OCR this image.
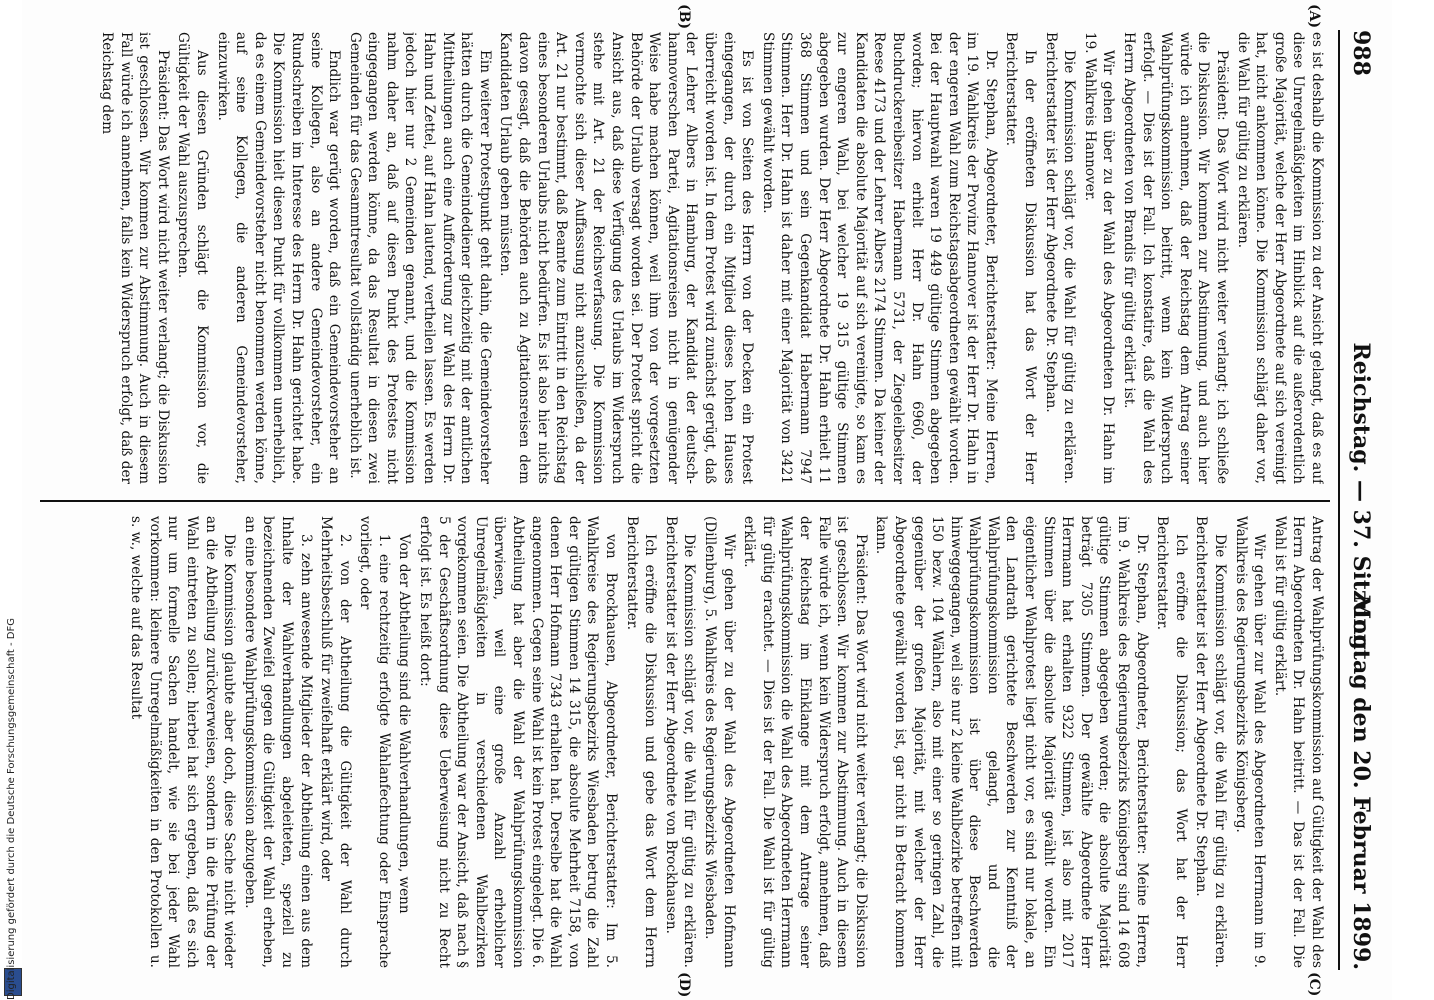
988
Reichstag. — 37. Sitzung.
Montag den 20. Februar 1899.
(A)
(B)
(C)
(D)

es ist deshalb die Kommission zu der Ansicht gelangt, daß es auf diese Unregelmäßigkeiten im Hinblick auf die außerordentlich große Majorität, welche der Herr Abgeordnete auf sich vereinigt hat, nicht ankommen könne. Die Kommission schlägt daher vor, die Wahl für gültig zu erklären.

Präsident: Das Wort wird nicht weiter verlangt; ich schließe die Diskussion. Wir kommen zur Abstimmung, und auch hier würde ich annehmen, daß der Reichstag dem Antrag seiner Wahlprüfungskommission beitritt, wenn kein Widerspruch erfolgt. — Dies ist der Fall. Ich konstatire, daß die Wahl des Herrn Abgeordneten von Brandis für gültig erklärt ist.

Wir gehen über zu der Wahl des Abgeordneten Dr. Hahn im 19. Wahlkreis Hannover.

Die Kommission schlägt vor, die Wahl für gültig zu erklären. Berichterstatter ist der Herr Abgeordnete Dr. Stephan.

In der eröffneten Diskussion hat das Wort der Herr Berichterstatter.

Dr. Stephan, Abgeordneter, Berichterstatter: Meine Herren, im 19. Wahlkreis der Provinz Hannover ist der Herr Dr. Hahn in der engeren Wahl zum Reichstagsabgeordneten gewählt worden. Bei der Hauptwahl waren 19 449 gültige Stimmen abgegeben worden; hiervon erhielt Herr Dr. Hahn 6960, der Buchdruckereibesitzer Habermann 5731, der Ziegeleibesitzer Reese 4173 und der Lehrer Albers 2174 Stimmen. Da keiner der Kandidaten die absolute Majorität auf sich vereinigte, so kam es zur engeren Wahl, bei welcher 19 315 gültige Stimmen abgegeben wurden. Der Herr Abgeordnete Dr. Hahn erhielt 11 368 Stimmen und sein Gegenkandidat Habermann 7947 Stimmen. Herr Dr. Hahn ist daher mit einer Majorität von 3421 Stimmen gewählt worden.

Es ist von Seiten des Herrn von der Decken ein Protest eingegangen, der durch ein Mitglied dieses hohen Hauses überreicht worden ist. In dem Protest wird zunächst gerügt, daß der Lehrer Albers in Hamburg, der Kandidat der deutsch-hannoverschen Partei, Agitationsreisen nicht in genügender Weise habe machen können, weil ihm von der vorgesetzten Behörde der Urlaub versagt worden sei. Der Protest spricht die Ansicht aus, daß diese Verfügung des Urlaubs im Widerspruch stehe mit Art. 21 der Reichsverfassung. Die Kommission vermochte sich dieser Auffassung nicht anzuschließen, da der Art. 21 nur bestimmt, daß Beamte zum Eintritt in den Reichstag eines besonderen Urlaubs nicht bedürfen. Es ist also hier nichts davon gesagt, daß die Behörden auch zu Agitationsreisen dem Kandidaten Urlaub geben müssten.

Ein weiterer Protestpunkt geht dahin, die Gemeindevorsteher hätten durch die Gemeindediener gleichzeitig mit der amtlichen Mittheilungen auch eine Aufforderung zur Wahl des Herrn Dr. Hahn und Zettel, auf Hahn lautend, vertheilen lassen. Es werden jedoch hier nur 2 Gemeinden genannt, und die Kommission nahm daher an, daß auf diesen Punkt des Protestes nicht eingegangen werden könne, da das Resultat in diesen zwei Gemeinden für das Gesammtresultat vollständig unerheblich ist.

Endlich war gerügt worden, daß ein Gemeindevorsteher an seine Kollegen, also an andere Gemeindevorsteher, ein Rundschreiben im Interesse des Herrn Dr. Hahn gerichtet habe. Die Kommission hielt diesen Punkt für vollkommen unerheblich, da es einem Gemeindevorsteher nicht benommen werden könne, auf seine Kollegen, die anderen Gemeindevorsteher, einzuwirken.

Aus diesen Gründen schlägt die Kommission vor, die Gültigkeit der Wahl auszusprechen.

Präsident: Das Wort wird nicht weiter verlangt; die Diskussion ist geschlossen. Wir kommen zur Abstimmung. Auch in diesem Fall würde ich annehmen, falls kein Widerspruch erfolgt, daß der Reichstag dem

Antrag der Wahlprüfungskommission auf Gültigkeit der Wahl des Herrn Abgeordneten Dr. Hahn beitritt. — Das ist der Fall. Die Wahl ist für gültig erklärt.

Wir gehen über zur Wahl des Abgeordneten Herrmann im 9. Wahlkreis des Regierungsbezirks Königsberg.

Die Kommission schlägt vor, die Wahl für gültig zu erklären. Berichterstatter ist der Herr Abgeordnete Dr. Stephan.

Ich eröffne die Diskussion; das Wort hat der Herr Berichterstatter.

Dr. Stephan, Abgeordneter, Berichterstatter: Meine Herren, im 9. Wahlkreis des Regierungsbezirks Königsberg sind 14 608 gültige Stimmen abgegeben worden; die absolute Majorität beträgt 7305 Stimmen. Der gewählte Abgeordnete Herr Herrmann hat erhalten 9322 Stimmen, ist also mit 2017 Stimmen über die absolute Majorität gewählt worden. Ein eigentlicher Wahlprotest liegt nicht vor, es sind nur lokale, an den Landrath gerichtete Beschwerden zur Kenntniß der Wahlprüfungskommission gelangt, und die Wahlprüfungskommission ist über diese Beschwerden hinweggegangen, weil sie nur 2 kleine Wahlbezirke betreffen mit 150 bezw. 104 Wählern, also mit einer so geringen Zahl, die gegenüber der großen Majorität, mit welcher der Herr Abgeordnete gewählt worden ist, gar nicht in Betracht kommen kann.

Präsident: Das Wort wird nicht weiter verlangt; die Diskussion ist geschlossen. Wir kommen zur Abstimmung. Auch in diesem Falle würde ich, wenn kein Widerspruch erfolgt, annehmen, daß der Reichstag im Einklange mit dem Antrage seiner Wahlprüfungskommission die Wahl des Abgeordneten Herrmann für gültig erachtet. — Dies ist der Fall. Die Wahl ist für gültig erklärt.

Wir gehen über zu der Wahl des Abgeordneten Hofmann (Dillenburg), 5. Wahlkreis des Regierungsbezirks Wiesbaden.

Die Kommission schlägt vor, die Wahl für gültig zu erklären. Berichterstatter ist der Herr Abgeordnete von Brockhausen.

Ich eröffne die Diskussion und gebe das Wort dem Herrn Berichterstatter.

von Brockhausen, Abgeordneter, Berichterstatter: Im 5. Wahlkreise des Regierungsbezirks Wiesbaden betrug die Zahl der gültigen Stimmen 14 315, die absolute Mehrheit 7158, von denen Herr Hofmann 7343 erhalten hat. Derselbe hat die Wahl angenommen. Gegen seine Wahl ist kein Protest eingelegt. Die 6. Abtheilung hat aber die Wahl der Wahlprüfungskommission überwiesen, weil eine große Anzahl erheblicher Unregelmäßigkeiten in verschiedenen Wahlbezirken vorgekommen seien. Die Abtheilung war der Ansicht, daß nach § 5 der Geschäftsordnung diese Ueberweisung nicht zu Recht erfolgt ist. Es heißt dort:

Von der Abtheilung sind die Wahlverhandlungen, wenn

1. eine rechtzeitig erfolgte Wahlanfechtung oder Einsprache vorliegt, oder

2. von der Abtheilung die Gültigkeit der Wahl durch Mehrheitsbeschluß für zweifelhaft erklärt wird, oder

3. zehn anwesende Mitglieder der Abtheilung einen aus dem Inhalte der Wahlverhandlungen abgeleiteten, speziell zu bezeichnenden Zweifel gegen die Gültigkeit der Wahl erheben, an eine besondere Wahlprüfungskommission abzugeben.

Die Kommission glaubte aber doch, diese Sache nicht wieder an die Abtheilung zurückverweisen, sondern in die Prüfung der Wahl eintreten zu sollen; hierbei hat sich ergeben, daß es sich nur um formelle Sachen handelt, wie sie bei jeder Wahl vorkommen: kleinere Unregelmäßigkeiten in den Protokollen u. s. w., welche auf das Resultat

Digitalisierung gefördert durch die Deutsche Forschungsgemeinschaft - DFG
